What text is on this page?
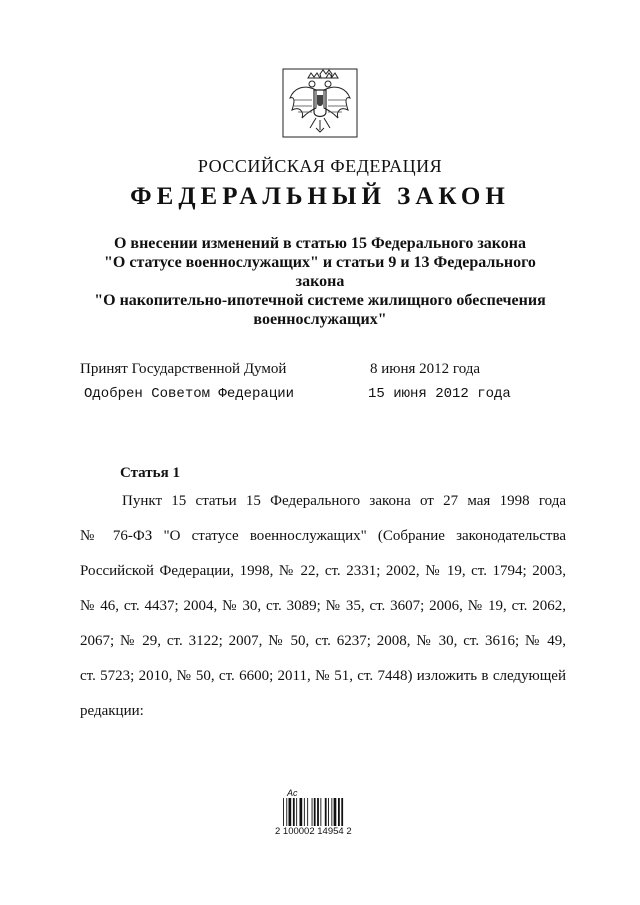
РОССИЙСКАЯ ФЕДЕРАЦИЯ
ФЕДЕРАЛЬНЫЙ ЗАКОН
О внесении изменений в статью 15 Федерального закона
"О статусе военнослужащих" и статьи 9 и 13 Федерального закона
"О накопительно-ипотечной системе жилищного обеспечения
военнослужащих"
Принят Государственной Думой	8 июня 2012 года
Одобрен Советом Федерации	15 июня 2012 года
Статья 1
Пункт 15 статьи 15 Федерального закона от 27 мая 1998 года
№ 76-ФЗ "О статусе военнослужащих" (Собрание законодательства
Российской Федерации, 1998, № 22, ст. 2331; 2002, № 19, ст. 1794; 2003,
№ 46, ст. 4437; 2004, № 30, ст. 3089; № 35, ст. 3607; 2006, № 19, ст. 2062,
2067; № 29, ст. 3122; 2007, № 50, ст. 6237; 2008, № 30, ст. 3616; № 49,
ст. 5723; 2010, № 50, ст. 6600; 2011, № 51, ст. 7448) изложить в следующей
редакции:
Ac
2 100002 14954 2
